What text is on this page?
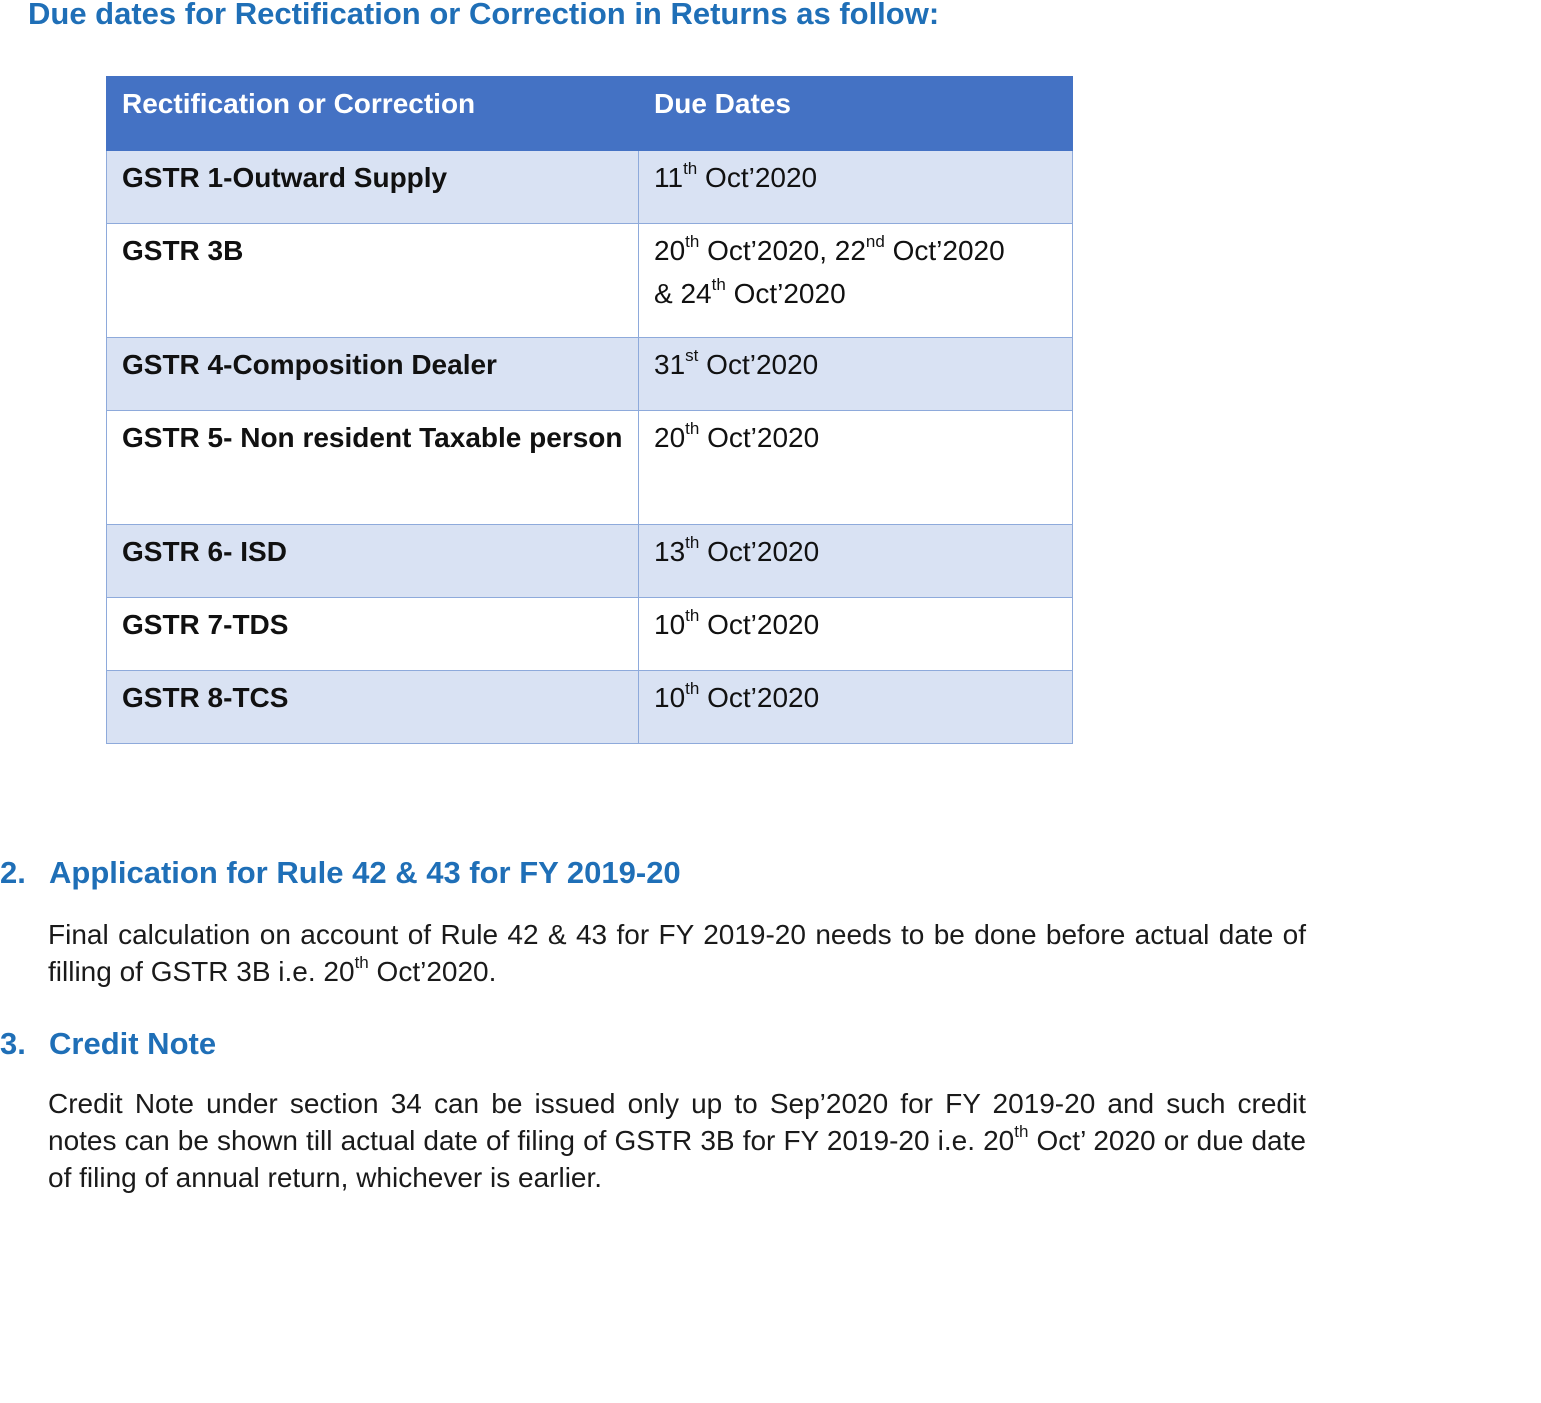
Due dates for Rectification or Correction in Returns as follow:
Rectification or Correction	Due Dates
GSTR 1-Outward Supply	11th Oct’2020
GSTR 3B	20th Oct’2020, 22nd Oct’2020
& 24th Oct’2020
GSTR 4-Composition Dealer	31st Oct’2020
GSTR 5- Non resident Taxable person	20th Oct’2020
GSTR 6- ISD	13th Oct’2020
GSTR 7-TDS	10th Oct’2020
GSTR 8-TCS	10th Oct’2020
2. Application for Rule 42 & 43 for FY 2019-20

Final calculation on account of Rule 42 & 43 for FY 2019-20 needs to be done before actual date of filling of GSTR 3B i.e. 20th Oct’2020.

3. Credit Note

Credit Note under section 34 can be issued only up to Sep’2020 for FY 2019-20 and such credit notes can be shown till actual date of filing of GSTR 3B for FY 2019-20 i.e. 20th Oct’ 2020 or due date of filing of annual return, whichever is earlier.
